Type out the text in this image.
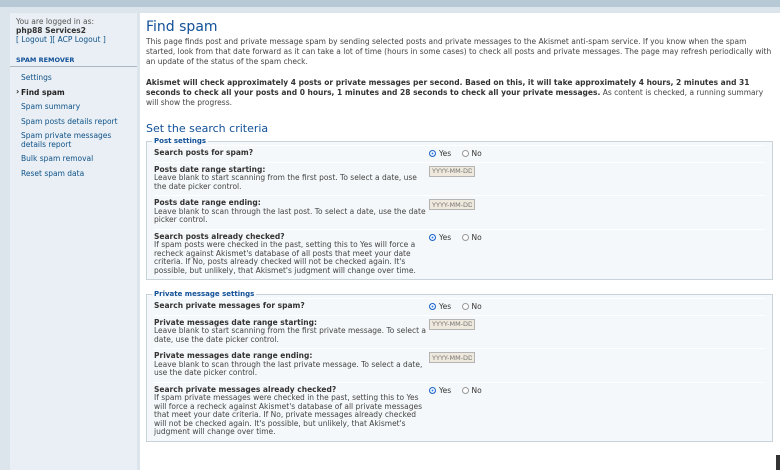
You are logged in as:
php88 Services2
[ Logout ][ ACP Logout ]
SPAM REMOVER
Settings
› Find spam
Spam summary
Spam posts details report
Spam private messages details report
Bulk spam removal
Reset spam data
Find spam

This page finds post and private message spam by sending selected posts and private messages to the Akismet anti-spam service. If you know when the spam started, look from that date forward as it can take a lot of time (hours in some cases) to check all posts and private messages. The page may refresh periodically with an update of the status of the spam check.

Akismet will check approximately 4 posts or private messages per second. Based on this, it will take approximately 4 hours, 2 minutes and 31 seconds to check all your posts and 0 hours, 1 minutes and 28 seconds to check all your private messages. As content is checked, a running summary will show the progress.

Set the search criteria
Post settings
Search posts for spam?	Yes
	No
Posts date range starting:
Leave blank to start scanning from the first post. To select a date, use the date picker control.
YYYY-MM-DD
Posts date range ending:
Leave blank to scan through the last post. To select a date, use the date picker control.
YYYY-MM-DD
Search posts already checked?
If spam posts were checked in the past, setting this to Yes will force a recheck against Akismet's database of all posts that meet your date criteria. If No, posts already checked will not be checked again. It's possible, but unlikely, that Akismet's judgment will change over time.
Yes
	No
Private message settings
Search private messages for spam?	Yes
	No
Private messages date range starting:
Leave blank to start scanning from the first private message. To select a date, use the date picker control.
YYYY-MM-DD
Private messages date range ending:
Leave blank to scan through the last private message. To select a date, use the date picker control.
YYYY-MM-DD
Search private messages already checked?
If spam private messages were checked in the past, setting this to Yes will force a recheck against Akismet's database of all private messages that meet your date criteria. If No, private messages already checked will not be checked again. It's possible, but unlikely, that Akismet's judgment will change over time.
Yes
	No
